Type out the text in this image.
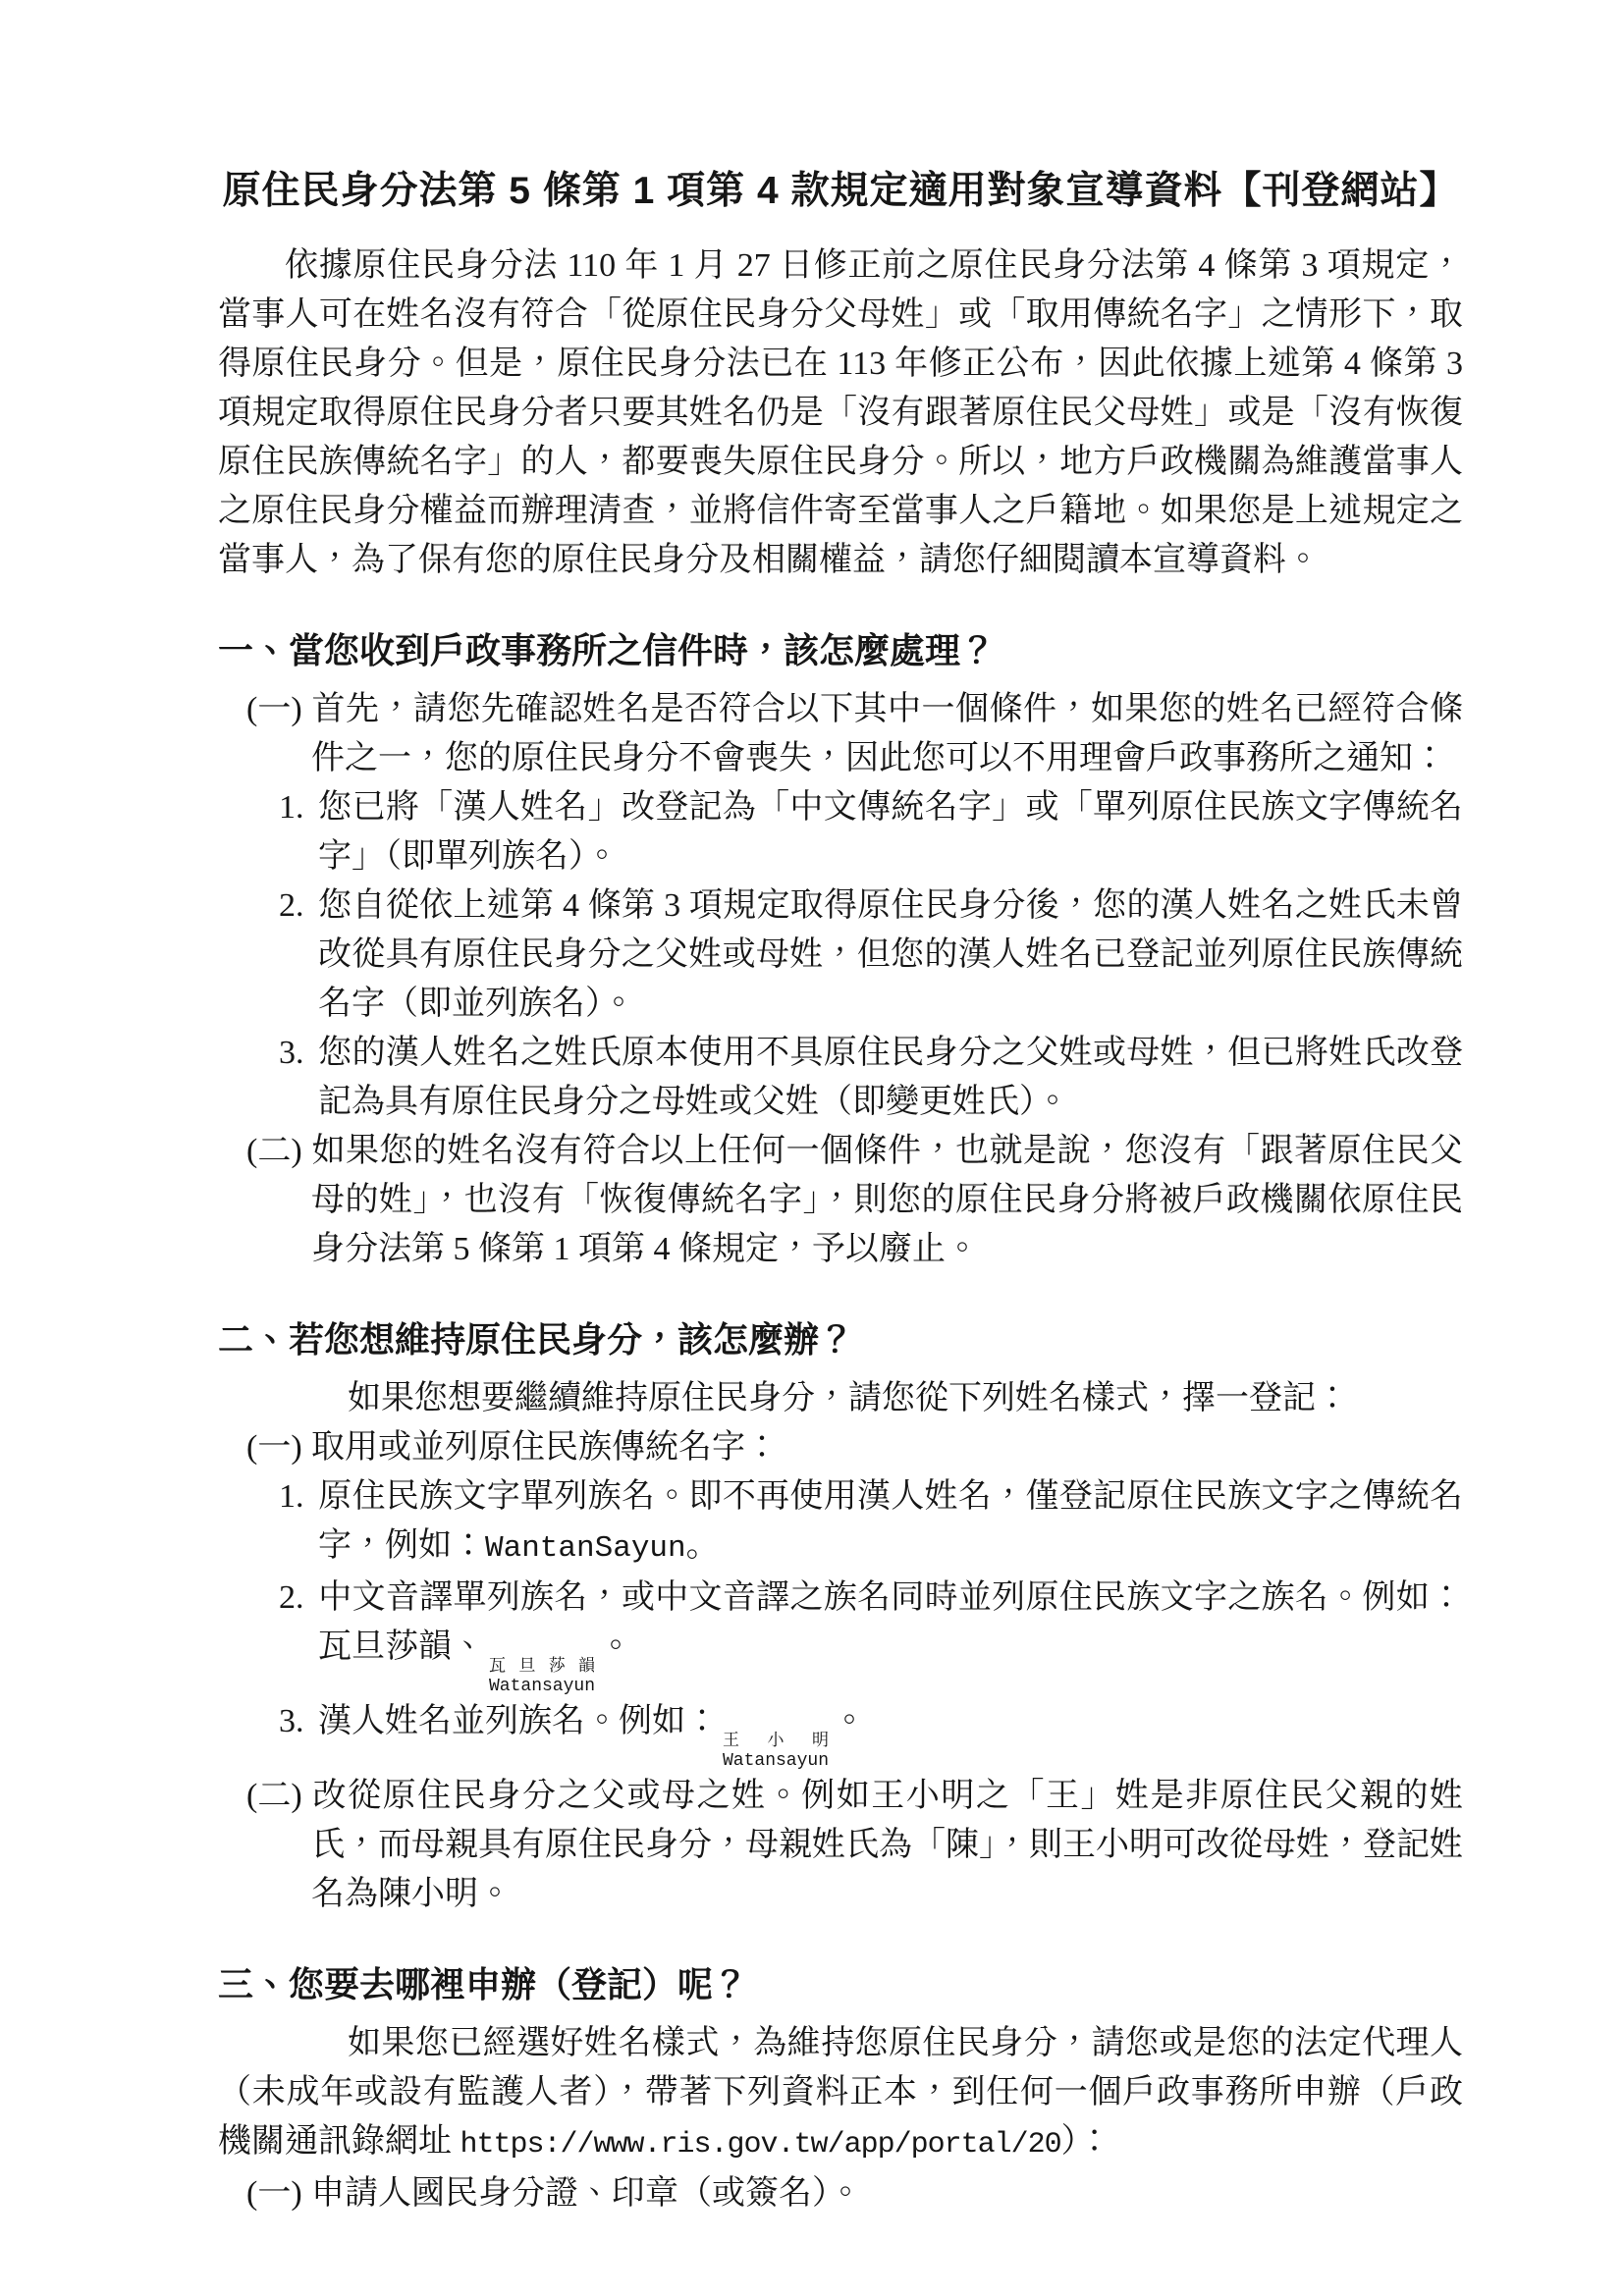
原住民身分法第 5 條第 1 項第 4 款規定適用對象宣導資料【刊登網站】

依據原住民身分法 110 年 1 月 27 日修正前之原住民身分法第 4 條第 3 項規定，當事人可在姓名沒有符合「從原住民身分父母姓」或「取用傳統名字」之情形下，取得原住民身分。但是，原住民身分法已在 113 年修正公布，因此依據上述第 4 條第 3 項規定取得原住民身分者只要其姓名仍是「沒有跟著原住民父母姓」或是「沒有恢復原住民族傳統名字」的人，都要喪失原住民身分。所以，地方戶政機關為維護當事人之原住民身分權益而辦理清查，並將信件寄至當事人之戶籍地。如果您是上述規定之當事人，為了保有您的原住民身分及相關權益，請您仔細閱讀本宣導資料。

一、當您收到戶政事務所之信件時，該怎麼處理？
(一) 首先，請您先確認姓名是否符合以下其中一個條件，如果您的姓名已經符合條件之一，您的原住民身分不會喪失，因此您可以不用理會戶政事務所之通知：
1. 您已將「漢人姓名」改登記為「中文傳統名字」或「單列原住民族文字傳統名字」（即單列族名）。
2. 您自從依上述第 4 條第 3 項規定取得原住民身分後，您的漢人姓名之姓氏未曾改從具有原住民身分之父姓或母姓，但您的漢人姓名已登記並列原住民族傳統名字（即並列族名）。
3. 您的漢人姓名之姓氏原本使用不具原住民身分之父姓或母姓，但已將姓氏改登記為具有原住民身分之母姓或父姓（即變更姓氏）。
(二) 如果您的姓名沒有符合以上任何一個條件，也就是說，您沒有「跟著原住民父母的姓」，也沒有「恢復傳統名字」，則您的原住民身分將被戶政機關依原住民身分法第 5 條第 1 項第 4 條規定，予以廢止。
二、若您想維持原住民身分，該怎麼辦？

如果您想要繼續維持原住民身分，請您從下列姓名樣式，擇一登記：

(一) 取用或並列原住民族傳統名字：
1. 原住民族文字單列族名。即不再使用漢人姓名，僅登記原住民族文字之傳統名字，例如：WantanSayun。
2. 中文音譯單列族名，或中文音譯之族名同時並列原住民族文字之族名。例如：瓦旦莎韻、
瓦旦莎韻
Watansayun
。
3. 漢人姓名並列族名。例如：
王 小 明
Watansayun
。
(二) 改從原住民身分之父或母之姓。例如王小明之「王」姓是非原住民父親的姓氏，而母親具有原住民身分，母親姓氏為「陳」，則王小明可改從母姓，登記姓名為陳小明。
三、您要去哪裡申辦（登記）呢？

如果您已經選好姓名樣式，為維持您原住民身分，請您或是您的法定代理人（未成年或設有監護人者），帶著下列資料正本，到任何一個戶政事務所申辦（戶政機關通訊錄網址 https://www.ris.gov.tw/app/portal/20）：

(一) 申請人國民身分證、印章（或簽名）。
